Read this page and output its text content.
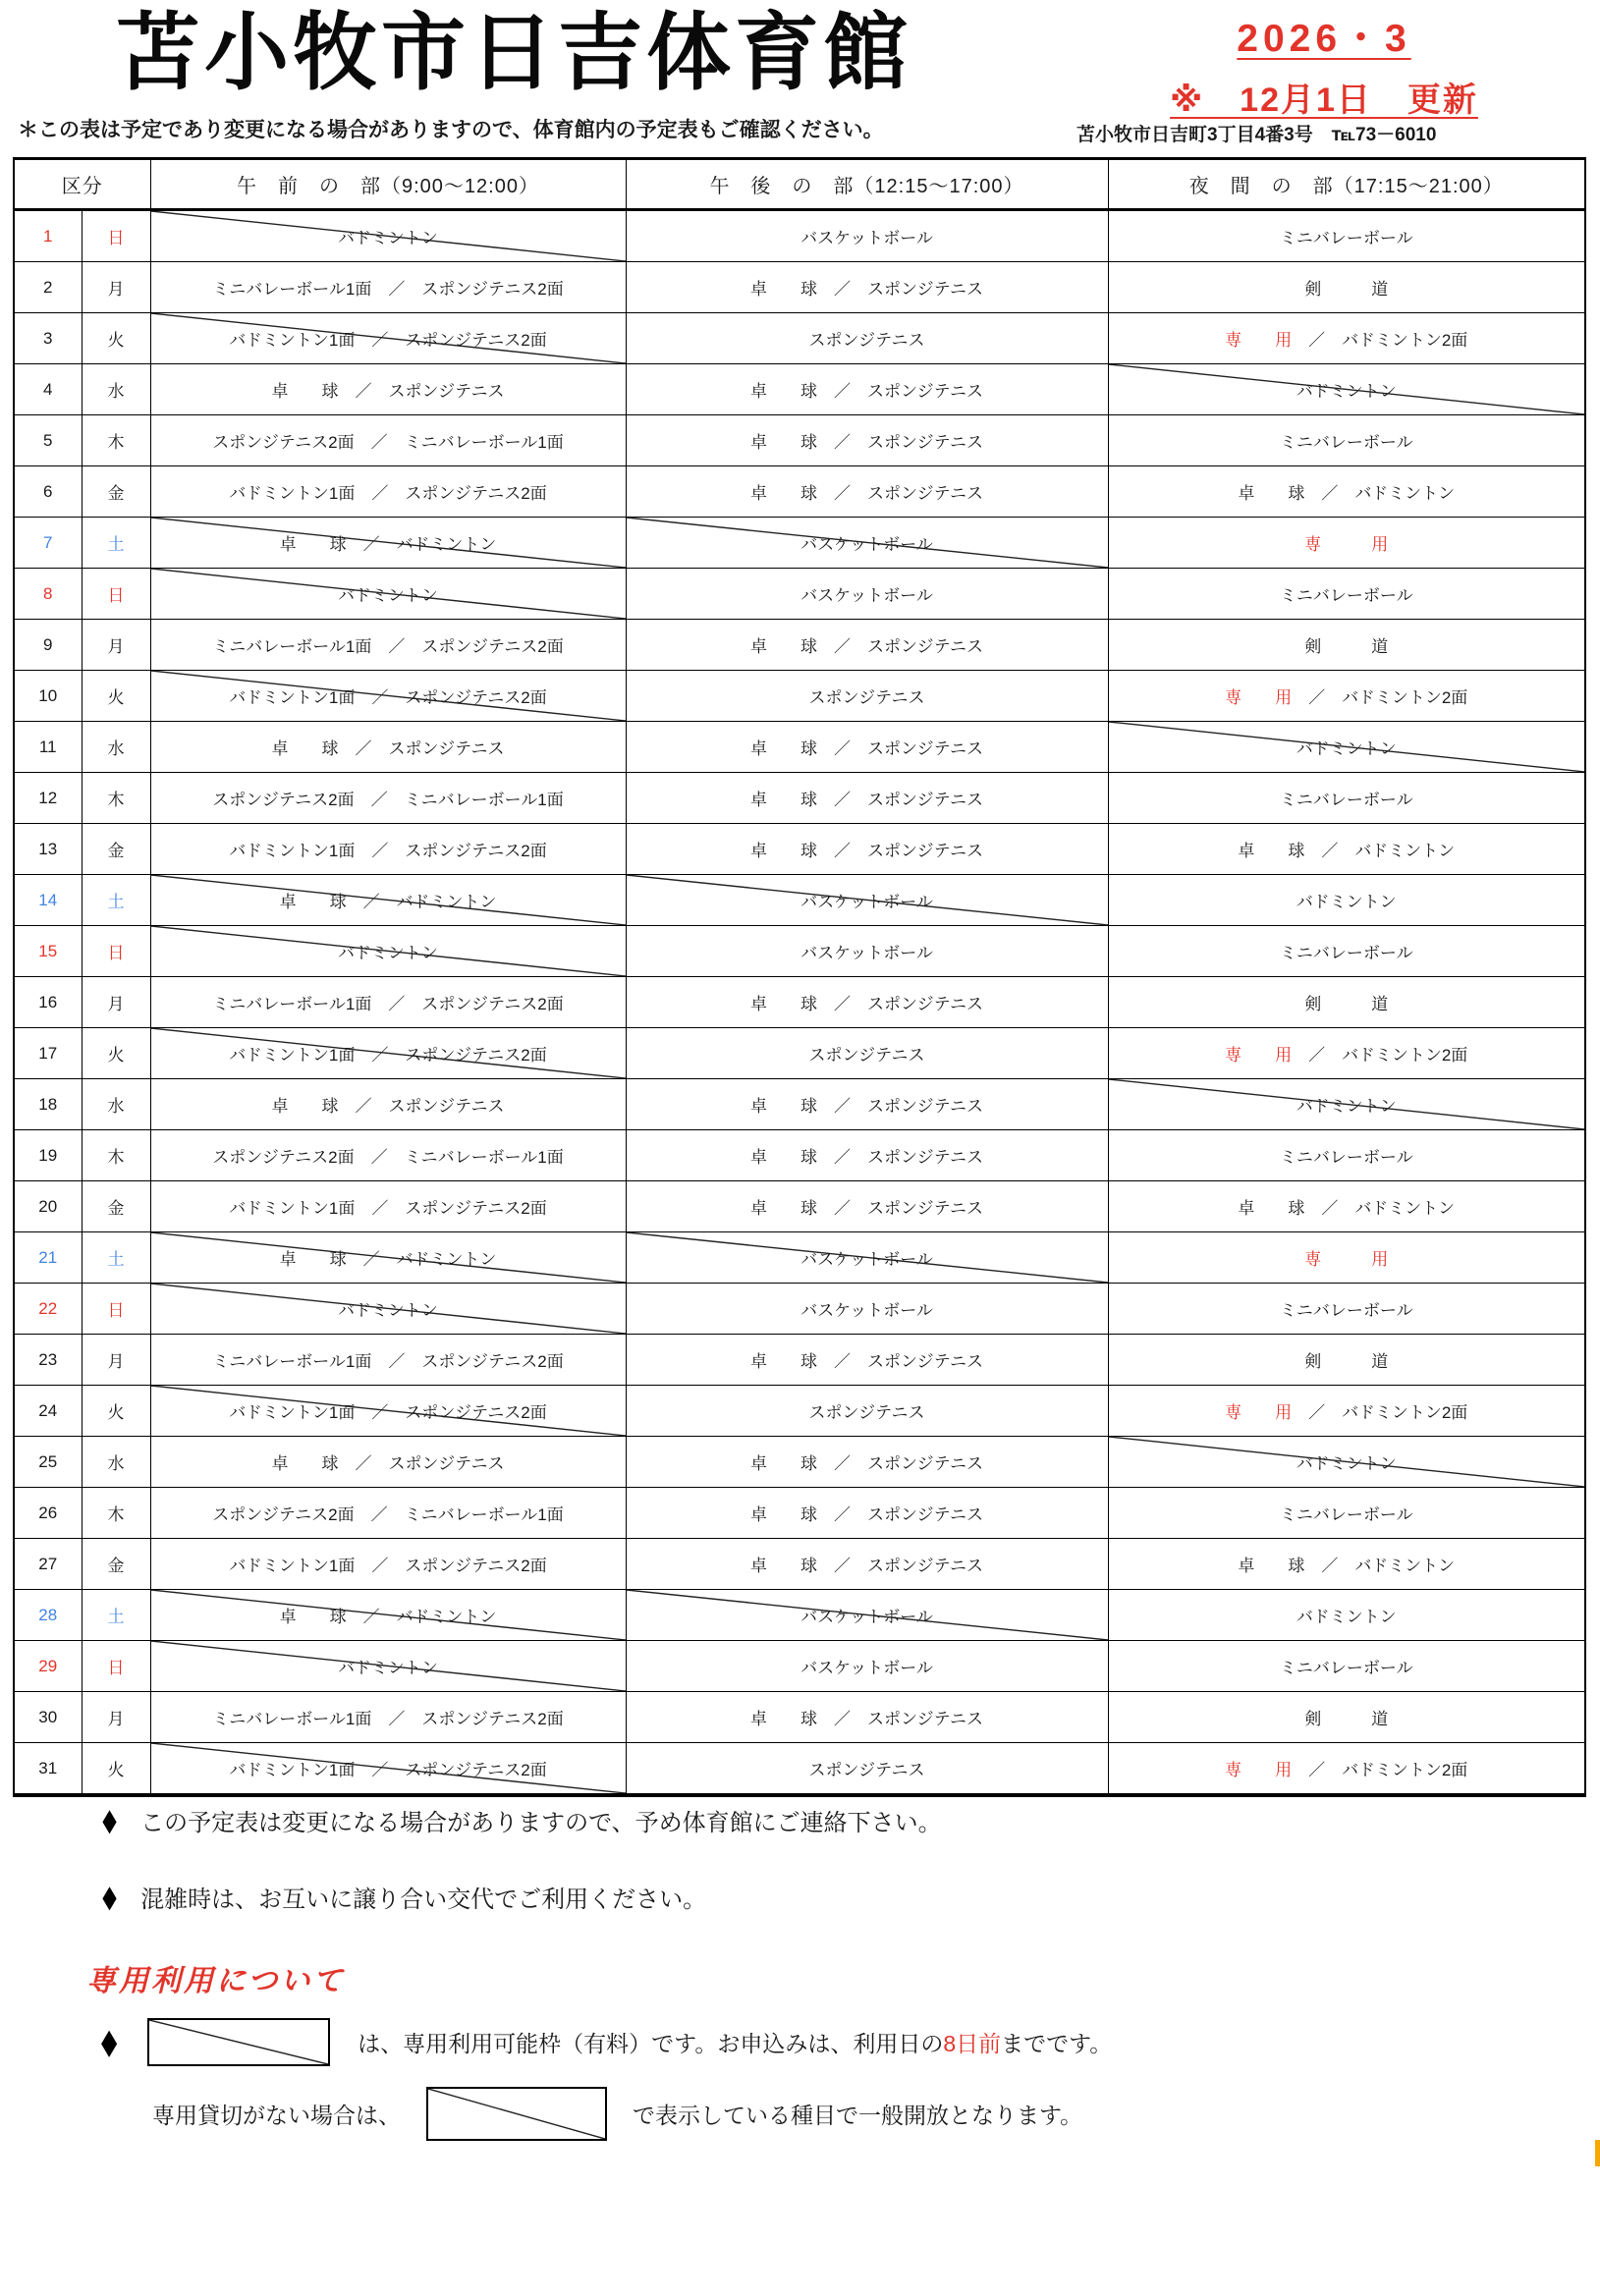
苫小牧市日吉体育館	2026・3
※　12月1日　更新
＊この表は予定であり変更になる場合がありますので、体育館内の予定表もご確認ください。	苫小牧市日吉町3丁目4番3号　℡73－6010
区分		午　前　の　部（9:00～12:00）	午　後　の　部（12:15～17:00）	夜　間　の　部（17:15～21:00）
1	日	バドミントン	バスケットボール	ミニバレーボール
2	月	ミニバレーボール1面　／　スポンジテニス2面	卓　　球　／　スポンジテニス	剣　　　道
3	火	バドミントン1面　／　スポンジテニス2面	スポンジテニス	専　　用　／　バドミントン2面
4	水	卓　　球　／　スポンジテニス	卓　　球　／　スポンジテニス	バドミントン
5	木	スポンジテニス2面　／　ミニバレーボール1面	卓　　球　／　スポンジテニス	ミニバレーボール
6	金	バドミントン1面　／　スポンジテニス2面	卓　　球　／　スポンジテニス	卓　　球　／　バドミントン
7	土	卓　　球　／　バドミントン	バスケットボール	専　　　用
8	日	バドミントン	バスケットボール	ミニバレーボール
9	月	ミニバレーボール1面　／　スポンジテニス2面	卓　　球　／　スポンジテニス	剣　　　道
10	火	バドミントン1面　／　スポンジテニス2面	スポンジテニス	専　　用　／　バドミントン2面
11	水	卓　　球　／　スポンジテニス	卓　　球　／　スポンジテニス	バドミントン
12	木	スポンジテニス2面　／　ミニバレーボール1面	卓　　球　／　スポンジテニス	ミニバレーボール
13	金	バドミントン1面　／　スポンジテニス2面	卓　　球　／　スポンジテニス	卓　　球　／　バドミントン
14	土	卓　　球　／　バドミントン	バスケットボール	バドミントン
15	日	バドミントン	バスケットボール	ミニバレーボール
16	月	ミニバレーボール1面　／　スポンジテニス2面	卓　　球　／　スポンジテニス	剣　　　道
17	火	バドミントン1面　／　スポンジテニス2面	スポンジテニス	専　　用　／　バドミントン2面
18	水	卓　　球　／　スポンジテニス	卓　　球　／　スポンジテニス	バドミントン
19	木	スポンジテニス2面　／　ミニバレーボール1面	卓　　球　／　スポンジテニス	ミニバレーボール
20	金	バドミントン1面　／　スポンジテニス2面	卓　　球　／　スポンジテニス	卓　　球　／　バドミントン
21	土	卓　　球　／　バドミントン	バスケットボール	専　　　用
22	日	バドミントン	バスケットボール	ミニバレーボール
23	月	ミニバレーボール1面　／　スポンジテニス2面	卓　　球　／　スポンジテニス	剣　　　道
24	火	バドミントン1面　／　スポンジテニス2面	スポンジテニス	専　　用　／　バドミントン2面
25	水	卓　　球　／　スポンジテニス	卓　　球　／　スポンジテニス	バドミントン
26	木	スポンジテニス2面　／　ミニバレーボール1面	卓　　球　／　スポンジテニス	ミニバレーボール
27	金	バドミントン1面　／　スポンジテニス2面	卓　　球　／　スポンジテニス	卓　　球　／　バドミントン
28	土	卓　　球　／　バドミントン	バスケットボール	バドミントン
29	日	バドミントン	バスケットボール	ミニバレーボール
30	月	ミニバレーボール1面　／　スポンジテニス2面	卓　　球　／　スポンジテニス	剣　　　道
31	火	バドミントン1面　／　スポンジテニス2面	スポンジテニス	専　　用　／　バドミントン2面
◆ この予定表は変更になる場合がありますので、予め体育館にご連絡下さい。
◆ 混雑時は、お互いに譲り合い交代でご利用ください。
専用利用について
◆	は、専用利用可能枠（有料）です。お申込みは、利用日の8日前までです。
専用貸切がない場合は、	で表示している種目で一般開放となります。
